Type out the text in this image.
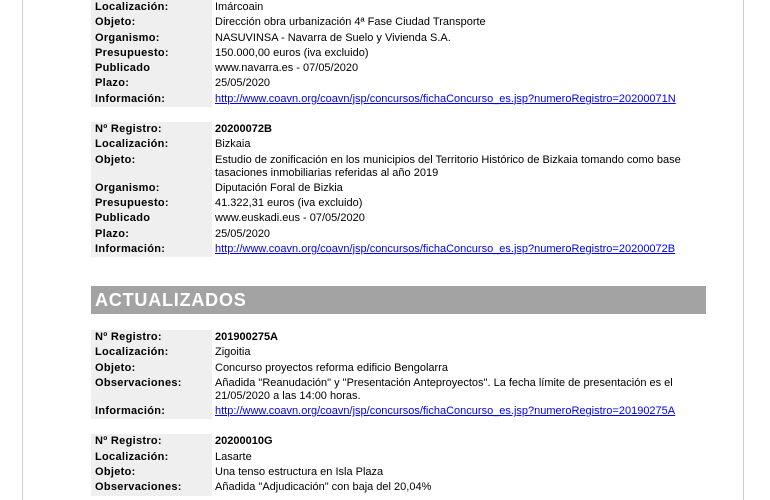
Localización:	Imárcoain
Objeto:	Dirección obra urbanización 4ª Fase Ciudad Transporte
Organismo:	NASUVINSA - Navarra de Suelo y Vivienda S.A.
Presupuesto:	150.000,00 euros (iva excluido)
Publicado	www.navarra.es - 07/05/2020
Plazo:	25/05/2020
Información:	http://www.coavn.org/coavn/jsp/concursos/fichaConcurso_es.jsp?numeroRegistro=20200071N
Nº Registro:	20200072B
Localización:	Bizkaia
Objeto:	Estudio de zonificación en los municipios del Territorio Histórico de Bizkaia tomando como base tasaciones inmobiliarias referidas al año 2019
Organismo:	Diputación Foral de Bizkia
Presupuesto:	41.322,31 euros (iva excluido)
Publicado	www.euskadi.eus - 07/05/2020
Plazo:	25/05/2020
Información:	http://www.coavn.org/coavn/jsp/concursos/fichaConcurso_es.jsp?numeroRegistro=20200072B
ACTUALIZADOS
Nº Registro:	201900275A
Localización:	Zigoitia
Objeto:	Concurso proyectos reforma edificio Bengolarra
Observaciones:	Añadida "Reanudación" y "Presentación Anteproyectos". La fecha límite de presentación es el 21/05/2020 a las 14:00 horas.
Información:	http://www.coavn.org/coavn/jsp/concursos/fichaConcurso_es.jsp?numeroRegistro=20190275A
Nº Registro:	20200010G
Localización:	Lasarte
Objeto:	Una tenso estructura en Isla Plaza
Observaciones:	Añadida "Adjudicación" con baja del 20,04%
